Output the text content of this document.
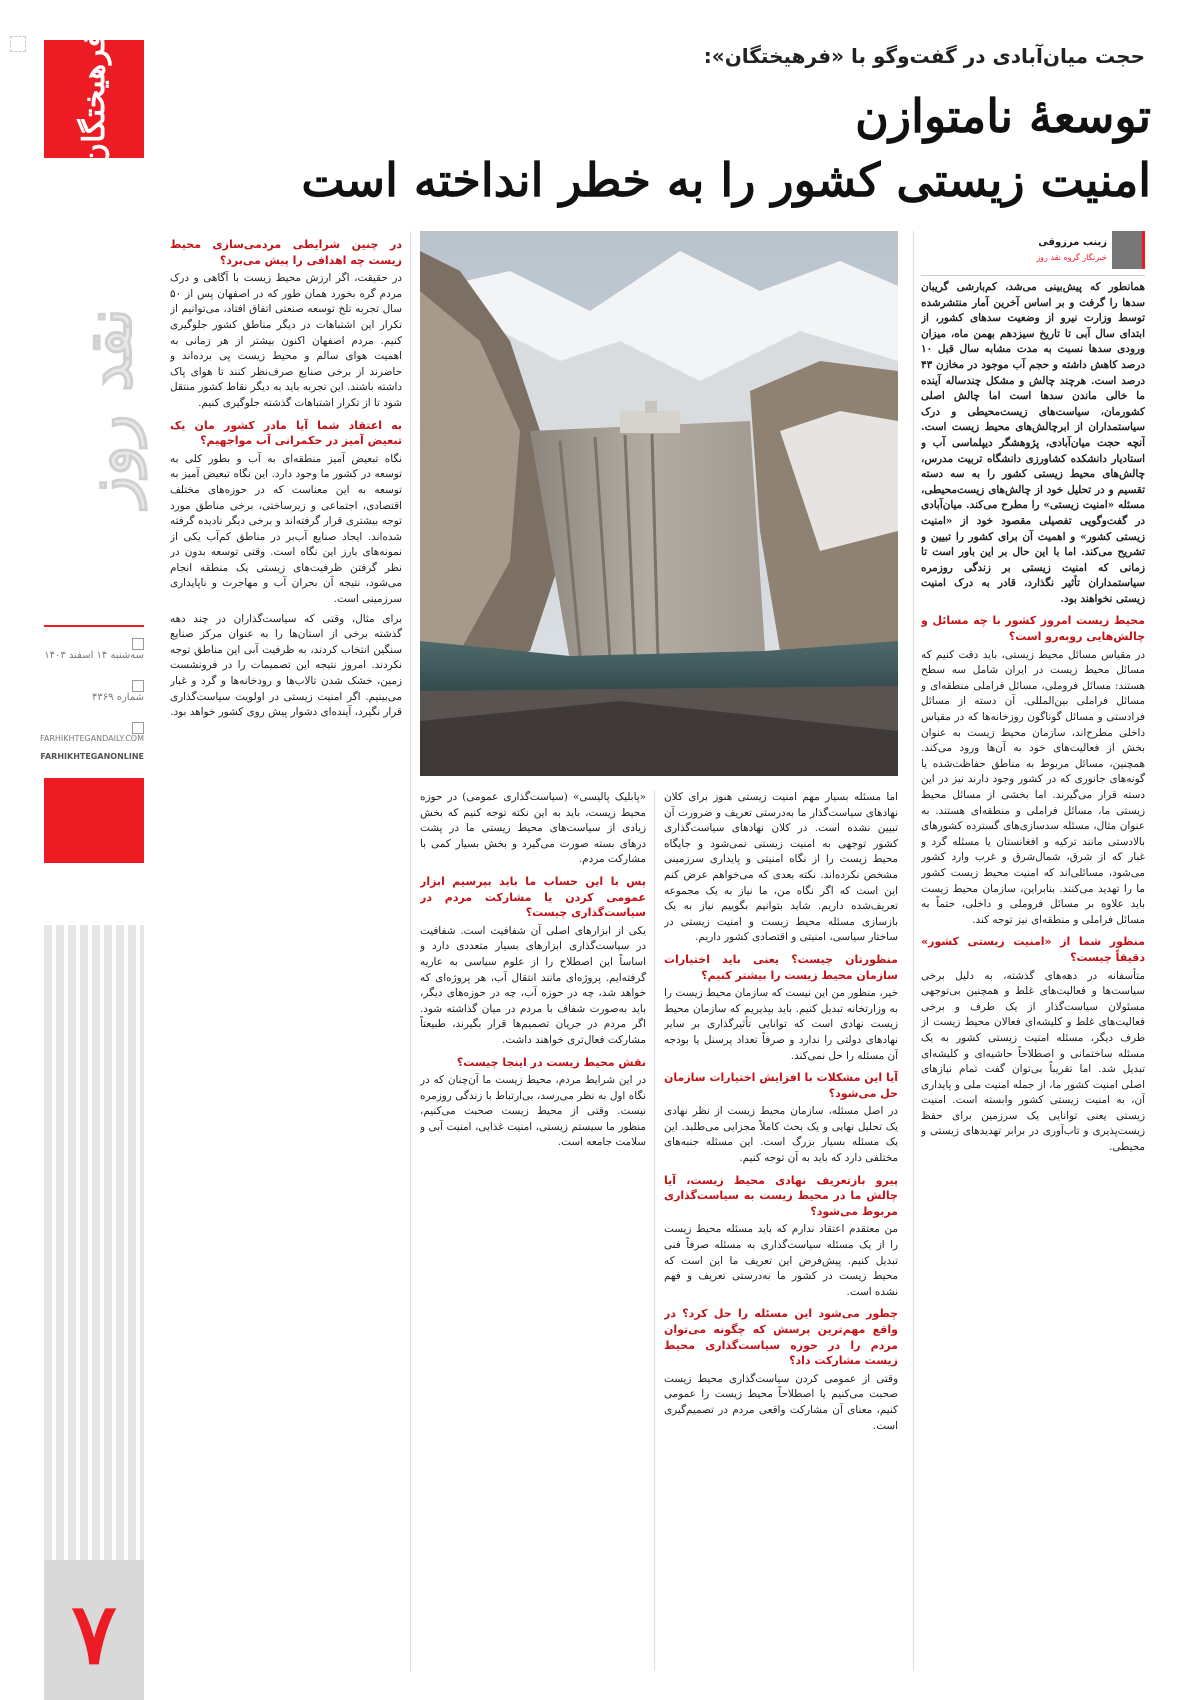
فرهیختگان
نقد روز
سه‌شنبه ۱۴ اسفند ۱۴۰۳
شماره ۴۳۶۹
FARHIKHTEGANDAILY.COM
FARHIKHTEGANONLINE
۷
حجت میان‌آبادی در گفت‌وگو با «فرهیختگان»:
توسعهٔ نامتوازن
امنیت زیستی کشور را به خطر انداخته است
زینب مرزوقی
خبرنگار گروه نقد روز

همانطور که پیش‌بینی می‌شد، کم‌بارشی گریبان سدها را گرفت و بر اساس آخرین آمار منتشرشده توسط وزارت نیرو از وضعیت سدهای کشور، از ابتدای سال آبی تا تاریخ سیزدهم بهمن ماه، میزان ورودی سدها نسبت به مدت مشابه سال قبل ۱۰ درصد کاهش داشته و حجم آب موجود در مخازن ۴۳ درصد است. هرچند چالش و مشکل چندساله آینده ما خالی ماندن سدها است اما چالش اصلی کشورمان، سیاست‌های زیست‌محیطی و درک سیاستمداران از ابرچالش‌های محیط زیست است. آنچه حجت میان‌آبادی، پژوهشگر دیپلماسی آب و استادیار دانشکده کشاورزی دانشگاه تربیت مدرس، چالش‌های محیط زیستی کشور را به سه دسته تقسیم و در تحلیل خود از چالش‌های زیست‌محیطی، مسئله «امنیت زیستی» را مطرح می‌کند. میان‌آبادی در گفت‌وگویی تفصیلی مقصود خود از «امنیت زیستی کشور» و اهمیت آن برای کشور را تبیین و تشریح می‌کند. اما با این حال بر این باور است تا زمانی که امنیت زیستی بر زندگی روزمره سیاستمداران تأثیر نگذارد، قادر به درک امنیت زیستی نخواهند بود.

محیط زیست امروز کشور با چه مسائل و چالش‌هایی روبه‌رو است؟

در مقیاس مسائل محیط زیستی، باید دقت کنیم که مسائل محیط زیست در ایران شامل سه سطح هستند: مسائل فروملی، مسائل فراملی منطقه‌ای و مسائل فراملی بین‌المللی. آن دسته از مسائل فرادستی و مسائل گوناگون روزخانه‌ها که در مقیاس داخلی مطرح‌اند، سازمان محیط زیست به عنوان بخش از فعالیت‌های خود به آن‌ها ورود می‌کند. همچنین، مسائل مربوط به مناطق حفاظت‌شده یا گونه‌های جانوری که در کشور وجود دارند نیز در این دسته قرار می‌گیرند. اما بخشی از مسائل محیط زیستی ما، مسائل فراملی و منطقه‌ای هستند. به عنوان مثال، مسئله سدسازی‌های گسترده کشورهای بالادستی مانند ترکیه و افغانستان یا مسئله گرد و غبار که از شرق، شمال‌شرق و غرب وارد کشور می‌شود، مسائلی‌اند که امنیت محیط زیست کشور ما را تهدید می‌کنند. بنابراین، سازمان محیط زیست باید علاوه بر مسائل فروملی و داخلی، حتماً به مسائل فراملی و منطقه‌ای نیز توجه کند.

منظور شما از «امنیت زیستی کشور» دقیقاً چیست؟

متأسفانه در دهه‌های گذشته، به دلیل برخی سیاست‌ها و فعالیت‌های غلط و همچنین بی‌توجهی مسئولان سیاست‌گذار از یک طرف و برخی فعالیت‌های غلط و کلیشه‌ای فعالان محیط زیست از طرف دیگر، مسئله امنیت زیستی کشور به یک مسئله ساختمانی و اصطلاحاً حاشیه‌ای و کلیشه‌ای تبدیل شد. اما تقریباً بی‌توان گفت تمام نیازهای اصلی امنیت کشور ما، از جمله امنیت ملی و پایداری آن، به امنیت زیستی کشور وابسته است. امنیت زیستی یعنی توانایی یک سرزمین برای حفظ زیست‌پذیری و تاب‌آوری در برابر تهدیدهای زیستی و محیطی.

اما مسئله بسیار مهم امنیت زیستی هنوز برای کلان نهادهای سیاست‌گذار ما به‌درستی تعریف و ضرورت آن تبیین نشده است. در کلان نهادهای سیاست‌گذاری کشور توجهی به امنیت زیستی نمی‌شود و جایگاه محیط زیست را از نگاه امنیتی و پایداری سرزمینی مشخص نکرده‌اند. نکته بعدی که می‌خواهم عرض کنم این است که اگر نگاه من، ما نیاز به یک مجموعه تعریف‌شده داریم. شاید بتوانیم بگوییم نیاز به یک بازسازی مسئله محیط زیست و امنیت زیستی در ساختار سیاسی، امنیتی و اقتصادی کشور داریم.

منظورتان چیست؟ یعنی باید اختیارات سازمان محیط زیست را بیشتر کنیم؟

خیر، منظور من این نیست که سازمان محیط زیست را به وزارتخانه تبدیل کنیم. باید بپذیریم که سازمان محیط زیست نهادی است که توانایی تأثیرگذاری بر سایر نهادهای دولتی را ندارد و صرفاً تعداد پرسنل یا بودجه آن مسئله را حل نمی‌کند.

آیا این مشکلات با افزایش اختیارات سازمان حل می‌شود؟

در اصل مسئله، سازمان محیط زیست از نظر نهادی یک تحلیل نهایی و یک بحث کاملاً مجزایی می‌طلبد. این یک مسئله بسیار بزرگ است. این مسئله جنبه‌های مختلفی دارد که باید به آن توجه کنیم.

پیرو بازتعریف نهادی محیط زیست، آیا چالش ما در محیط زیست به سیاست‌گذاری مربوط می‌شود؟

من معتقدم اعتقاد ندارم که باید مسئله محیط زیست را از یک مسئله سیاست‌گذاری به مسئله صرفاً فنی تبدیل کنیم. پیش‌فرض این تعریف ما این است که محیط زیست در کشور ما به‌درستی تعریف و فهم نشده است.

چطور می‌شود این مسئله را حل کرد؟ در واقع مهم‌ترین پرسش که چگونه می‌توان مردم را در حوزه سیاست‌گذاری محیط زیست مشارکت داد؟

وقتی از عمومی کردن سیاست‌گذاری محیط زیست صحبت می‌کنیم یا اصطلاحاً محیط زیست را عمومی کنیم، معنای آن مشارکت واقعی مردم در تصمیم‌گیری است.

«پابلیک پالیسی» (سیاست‌گذاری عمومی) در حوزه محیط زیست، باید به این نکته توجه کنیم که بخش زیادی از سیاست‌های محیط زیستی ما در پشت درهای بسته صورت می‌گیرد و بخش بسیار کمی با مشارکت مردم.

پس با این حساب ما باید بپرسیم ابزار عمومی کردن یا مشارکت مردم در سیاست‌گذاری چیست؟

یکی از ابزارهای اصلی آن شفافیت است. شفافیت در سیاست‌گذاری ابزارهای بسیار متعددی دارد و اساساً این اصطلاح را از علوم سیاسی به عاریه گرفته‌ایم. پروژه‌ای مانند انتقال آب، هر پروژه‌ای که خواهد شد، چه در حوزه آب، چه در حوزه‌های دیگر، باید به‌صورت شفاف با مردم در میان گذاشته شود. اگر مردم در جریان تصمیم‌ها قرار بگیرند، طبیعتاً مشارکت فعال‌تری خواهند داشت.

نقش محیط زیست در اینجا چیست؟

در این شرایط مردم، محیط زیست ما آن‌چنان که در نگاه اول به نظر می‌رسد، بی‌ارتباط با زندگی روزمره نیست. وقتی از محیط زیست صحبت می‌کنیم، منظور ما سیستم زیستی، امنیت غذایی، امنیت آبی و سلامت جامعه است.

در چنین شرایطی مردمی‌سازی محیط زیست چه اهدافی را پیش می‌برد؟

در حقیقت، اگر ارزش محیط زیست با آگاهی و درک مردم گره بخورد همان طور که در اصفهان پس از ۵۰ سال تجربه تلخ توسعه صنعتی اتفاق افتاد، می‌توانیم از تکرار این اشتباهات در دیگر مناطق کشور جلوگیری کنیم. مردم اصفهان اکنون بیشتر از هر زمانی به اهمیت هوای سالم و محیط زیست پی برده‌اند و حاضرند از برخی صنایع صرف‌نظر کنند تا هوای پاک داشته باشند. این تجربه باید به دیگر نقاط کشور منتقل شود تا از تکرار اشتباهات گذشته جلوگیری کنیم.

به اعتقاد شما آیا مادر کشور مان یک تبعیض آمیز در حکمرانی آب مواجهیم؟

نگاه تبعیض آمیز منطقه‌ای به آب و بطور کلی به توسعه در کشور ما وجود دارد. این نگاه تبعیض آمیز به توسعه به این معناست که در حوزه‌های مختلف اقتصادی، اجتماعی و زیرساختی، برخی مناطق مورد توجه بیشتری قرار گرفته‌اند و برخی دیگر نادیده گرفته شده‌اند. ایجاد صنایع آب‌بر در مناطق کم‌آب یکی از نمونه‌های بارز این نگاه است. وقتی توسعه بدون در نظر گرفتن ظرفیت‌های زیستی یک منطقه انجام می‌شود، نتیجه آن بحران آب و مهاجرت و ناپایداری سرزمینی است.

برای مثال، وقتی که سیاست‌گذاران در چند دهه گذشته برخی از استان‌ها را به عنوان مرکز صنایع سنگین انتخاب کردند، به ظرفیت آبی این مناطق توجه نکردند. امروز نتیجه این تصمیمات را در فرونشست زمین، خشک شدن تالاب‌ها و رودخانه‌ها و گرد و غبار می‌بینیم. اگر امنیت زیستی در اولویت سیاست‌گذاری قرار نگیرد، آینده‌ای دشوار پیش روی کشور خواهد بود.
